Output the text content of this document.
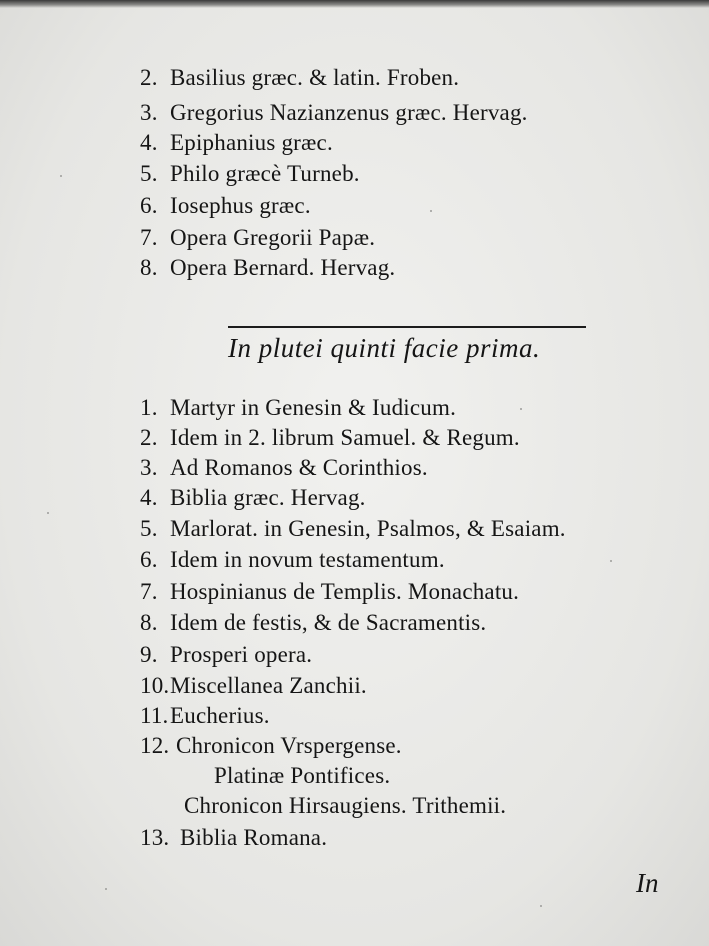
2. Basilius græc. & latin. Froben.
3. Gregorius Nazianzenus græc. Hervag.
4. Epiphanius græc.
5. Philo græcè Turneb.
6. Iosephus græc.
7. Opera Gregorii Papæ.
8. Opera Bernard. Hervag.
In plutei quinti facie prima.
1. Martyr in Genesin & Iudicum.
2. Idem in 2. librum Samuel. & Regum.
3. Ad Romanos & Corinthios.
4. Biblia græc. Hervag.
5. Marlorat. in Genesin, Psalmos, & Esaiam.
6. Idem in novum testamentum.
7. Hospinianus de Templis. Monachatu.
8. Idem de festis, & de Sacramentis.
9. Prosperi opera.
10.Miscellanea Zanchii.
11.Eucherius.
12. Chronicon Vrspergense.
Platinæ Pontifices.
Chronicon Hirsaugiens. Trithemii.
13. Biblia Romana.
In
